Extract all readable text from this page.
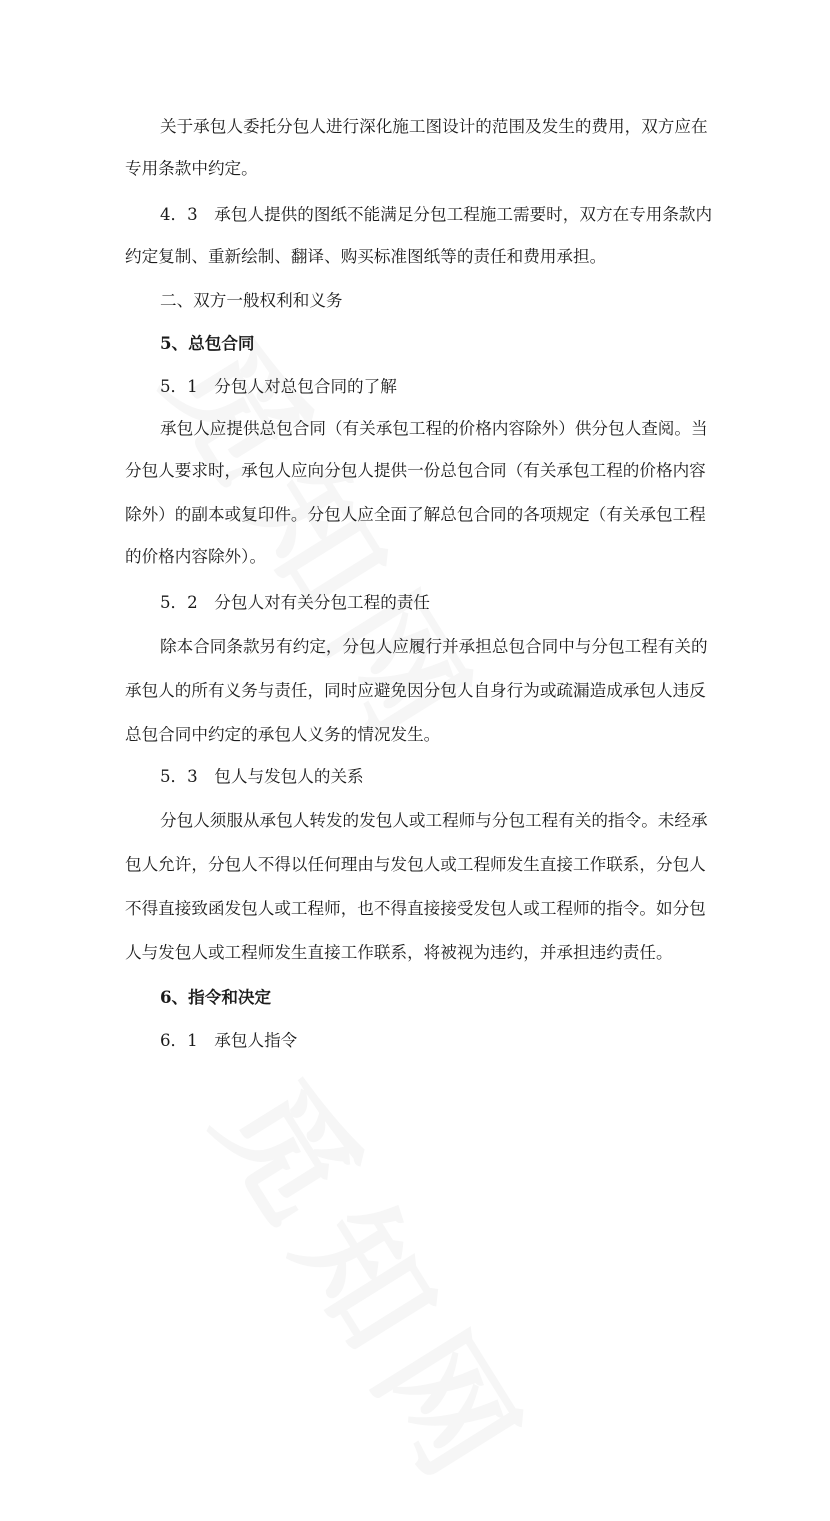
关于承包人委托分包人进行深化施工图设计的范围及发生的费用，双方应在
专用条款中约定。
4．3　承包人提供的图纸不能满足分包工程施工需要时，双方在专用条款内
约定复制、重新绘制、翻译、购买标准图纸等的责任和费用承担。
二、双方一般权利和义务
5、总包合同
5．1　分包人对总包合同的了解
承包人应提供总包合同（有关承包工程的价格内容除外）供分包人查阅。当
分包人要求时，承包人应向分包人提供一份总包合同（有关承包工程的价格内容
除外）的副本或复印件。分包人应全面了解总包合同的各项规定（有关承包工程
的价格内容除外）。
5．2　分包人对有关分包工程的责任
除本合同条款另有约定，分包人应履行并承担总包合同中与分包工程有关的
承包人的所有义务与责任，同时应避免因分包人自身行为或疏漏造成承包人违反
总包合同中约定的承包人义务的情况发生。
5．3　包人与发包人的关系
分包人须服从承包人转发的发包人或工程师与分包工程有关的指令。未经承
包人允许，分包人不得以任何理由与发包人或工程师发生直接工作联系，分包人
不得直接致函发包人或工程师，也不得直接接受发包人或工程师的指令。如分包
人与发包人或工程师发生直接工作联系，将被视为违约，并承担违约责任。
6、指令和决定
6．1　承包人指令
